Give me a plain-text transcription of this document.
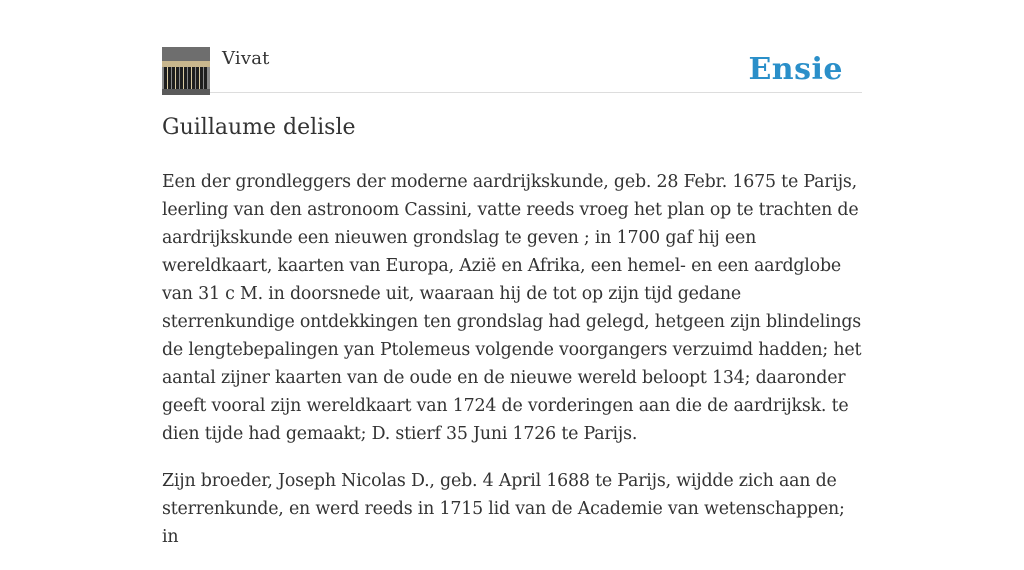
Vivat	Ensie
Guillaume delisle

Een der grondleggers der moderne aardrijkskunde, geb. 28 Febr. 1675 te Parijs, leerling van den astronoom Cassini, vatte reeds vroeg het plan op te trachten de aardrijkskunde een nieuwen grondslag te geven ; in 1700 gaf hij een wereldkaart, kaarten van Europa, Azië en Afrika, een hemel- en een aardglobe van 31 c M. in doorsnede uit, waaraan hij de tot op zijn tijd gedane sterrenkundige ontdekkingen ten grondslag had gelegd, hetgeen zijn blindelings de lengtebepalingen yan Ptolemeus volgende voorgangers verzuimd hadden; het aantal zijner kaarten van de oude en de nieuwe wereld beloopt 134; daaronder geeft vooral zijn wereldkaart van 1724 de vorderingen aan die de aardrijksk. te dien tijde had gemaakt; D. stierf 35 Juni 1726 te Parijs.

Zijn broeder, Joseph Nicolas D., geb. 4 April 1688 te Parijs, wijdde zich aan de sterrenkunde, en werd reeds in 1715 lid van de Academie van wetenschappen; in
